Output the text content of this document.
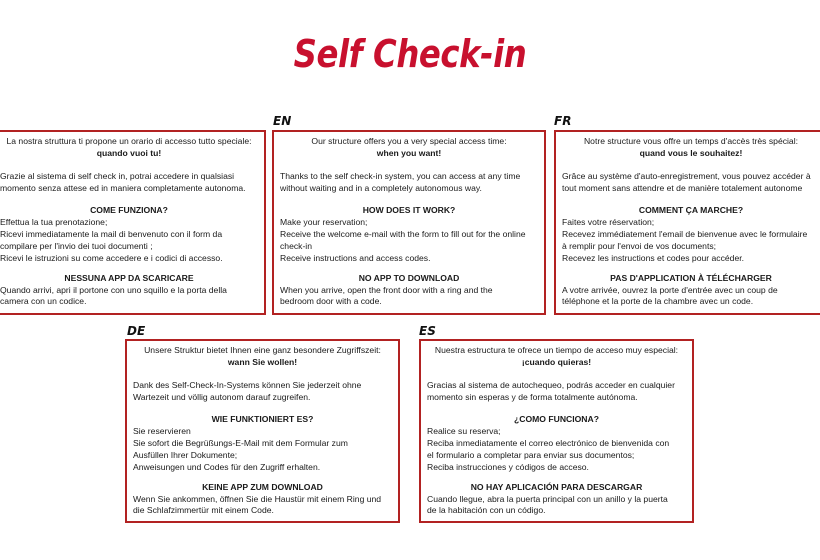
Self Check-in

La nostra struttura ti propone un orario di accesso tutto speciale:

quando vuoi tu!

Grazie al sistema di self check in, potrai accedere in qualsiasi

momento senza attese ed in maniera completamente autonoma.

COME FUNZIONA?

Effettua la tua prenotazione;

Ricevi immediatamente la mail di benvenuto con il form da

compilare per l'invio dei tuoi documenti ;

Ricevi le istruzioni su come accedere e i codici di accesso.

NESSUNA APP DA SCARICARE

Quando arrivi, apri il portone con uno squillo e la porta della

camera con un codice.

EN

Our structure offers you a very special access time:

when you want!

Thanks to the self check-in system, you can access at any time

without waiting and in a completely autonomous way.

HOW DOES IT WORK?

Make your reservation;

Receive the welcome e-mail with the form to fill out for the online

check-in

Receive instructions and access codes.

NO APP TO DOWNLOAD

When you arrive, open the front door with a ring and the

bedroom door with a code.

FR

Notre structure vous offre un temps d'accès très spécial:

quand vous le souhaitez!

Grâce au système d'auto-enregistrement, vous pouvez accéder à

tout moment sans attendre et de manière totalement autonome

COMMENT ÇA MARCHE?

Faites votre réservation;

Recevez immédiatement l'email de bienvenue avec le formulaire

à remplir pour l'envoi de vos documents;

Recevez les instructions et codes pour accéder.

PAS D'APPLICATION À TÉLÉCHARGER

A votre arrivée, ouvrez la porte d'entrée avec un coup de

téléphone et la porte de la chambre avec un code.

DE

Unsere Struktur bietet Ihnen eine ganz besondere Zugriffszeit:

wann Sie wollen!

Dank des Self-Check-In-Systems können Sie jederzeit ohne

Wartezeit und völlig autonom darauf zugreifen.

WIE FUNKTIONIERT ES?

Sie reservieren

Sie sofort die Begrüßungs-E-Mail mit dem Formular zum

Ausfüllen Ihrer Dokumente;

Anweisungen und Codes für den Zugriff erhalten.

KEINE APP ZUM DOWNLOAD

Wenn Sie ankommen, öffnen Sie die Haustür mit einem Ring und

die Schlafzimmertür mit einem Code.

ES

Nuestra estructura te ofrece un tiempo de acceso muy especial:

¡cuando quieras!

Gracias al sistema de autochequeo, podrás acceder en cualquier

momento sin esperas y de forma totalmente autónoma.

¿COMO FUNCIONA?

Realice su reserva;

Reciba inmediatamente el correo electrónico de bienvenida con

el formulario a completar para enviar sus documentos;

Reciba instrucciones y códigos de acceso.

NO HAY APLICACIÓN PARA DESCARGAR

Cuando llegue, abra la puerta principal con un anillo y la puerta

de la habitación con un código.
